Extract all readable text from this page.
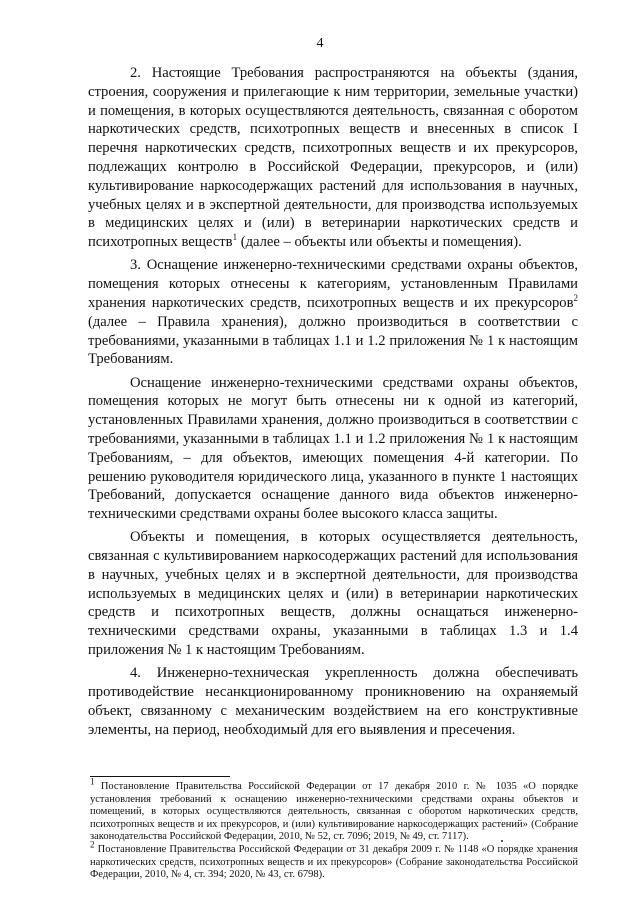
4

2. Настоящие Требования распространяются на объекты (здания, строения, сооружения и прилегающие к ним территории, земельные участки) и помещения, в которых осуществляются деятельность, связанная с оборотом наркотических средств, психотропных веществ и внесенных в список I перечня наркотических средств, психотропных веществ и их прекурсоров, подлежащих контролю в Российской Федерации, прекурсоров, и (или) культивирование наркосодержащих растений для использования в научных, учебных целях и в экспертной деятельности, для производства используемых в медицинских целях и (или) в ветеринарии наркотических средств и психотропных веществ$^1$ (далее – объекты или объекты и помещения).

3. Оснащение инженерно-техническими средствами охраны объектов, помещения которых отнесены к категориям, установленным Правилами хранения наркотических средств, психотропных веществ и их прекурсоров$^2$ (далее – Правила хранения), должно производиться в соответствии с требованиями, указанными в таблицах 1.1 и 1.2 приложения № 1 к настоящим Требованиям.

Оснащение инженерно-техническими средствами охраны объектов, помещения которых не могут быть отнесены ни к одной из категорий, установленных Правилами хранения, должно производиться в соответствии с требованиями, указанными в таблицах 1.1 и 1.2 приложения № 1 к настоящим Требованиям, – для объектов, имеющих помещения 4-й категории. По решению руководителя юридического лица, указанного в пункте 1 настоящих Требований, допускается оснащение данного вида объектов инженерно-техническими средствами охраны более высокого класса защиты.

Объекты и помещения, в которых осуществляется деятельность, связанная с культивированием наркосодержащих растений для использования в научных, учебных целях и в экспертной деятельности, для производства используемых в медицинских целях и (или) в ветеринарии наркотических средств и психотропных веществ, должны оснащаться инженерно-техническими средствами охраны, указанными в таблицах 1.3 и 1.4 приложения № 1 к настоящим Требованиям.

4. Инженерно-техническая укрепленность должна обеспечивать противодействие несанкционированному проникновению на охраняемый объект, связанному с механическим воздействием на его конструктивные элементы, на период, необходимый для его выявления и пресечения.

$^1$ Постановление Правительства Российской Федерации от 17 декабря 2010 г. № 1035 «О порядке установления требований к оснащению инженерно-техническими средствами охраны объектов и помещений, в которых осуществляются деятельность, связанная с оборотом наркотических средств, психотропных веществ и их прекурсоров, и (или) культивирование наркосодержащих растений» (Собрание законодательства Российской Федерации, 2010, № 52, ст. 7096; 2019, № 49, ст. 7117).

$^2$ Постановление Правительства Российской Федерации от 31 декабря 2009 г. № 1148 «О порядке хранения наркотических средств, психотропных веществ и их прекурсоров» (Собрание законодательства Российской Федерации, 2010, № 4, ст. 394; 2020, № 43, ст. 6798).
